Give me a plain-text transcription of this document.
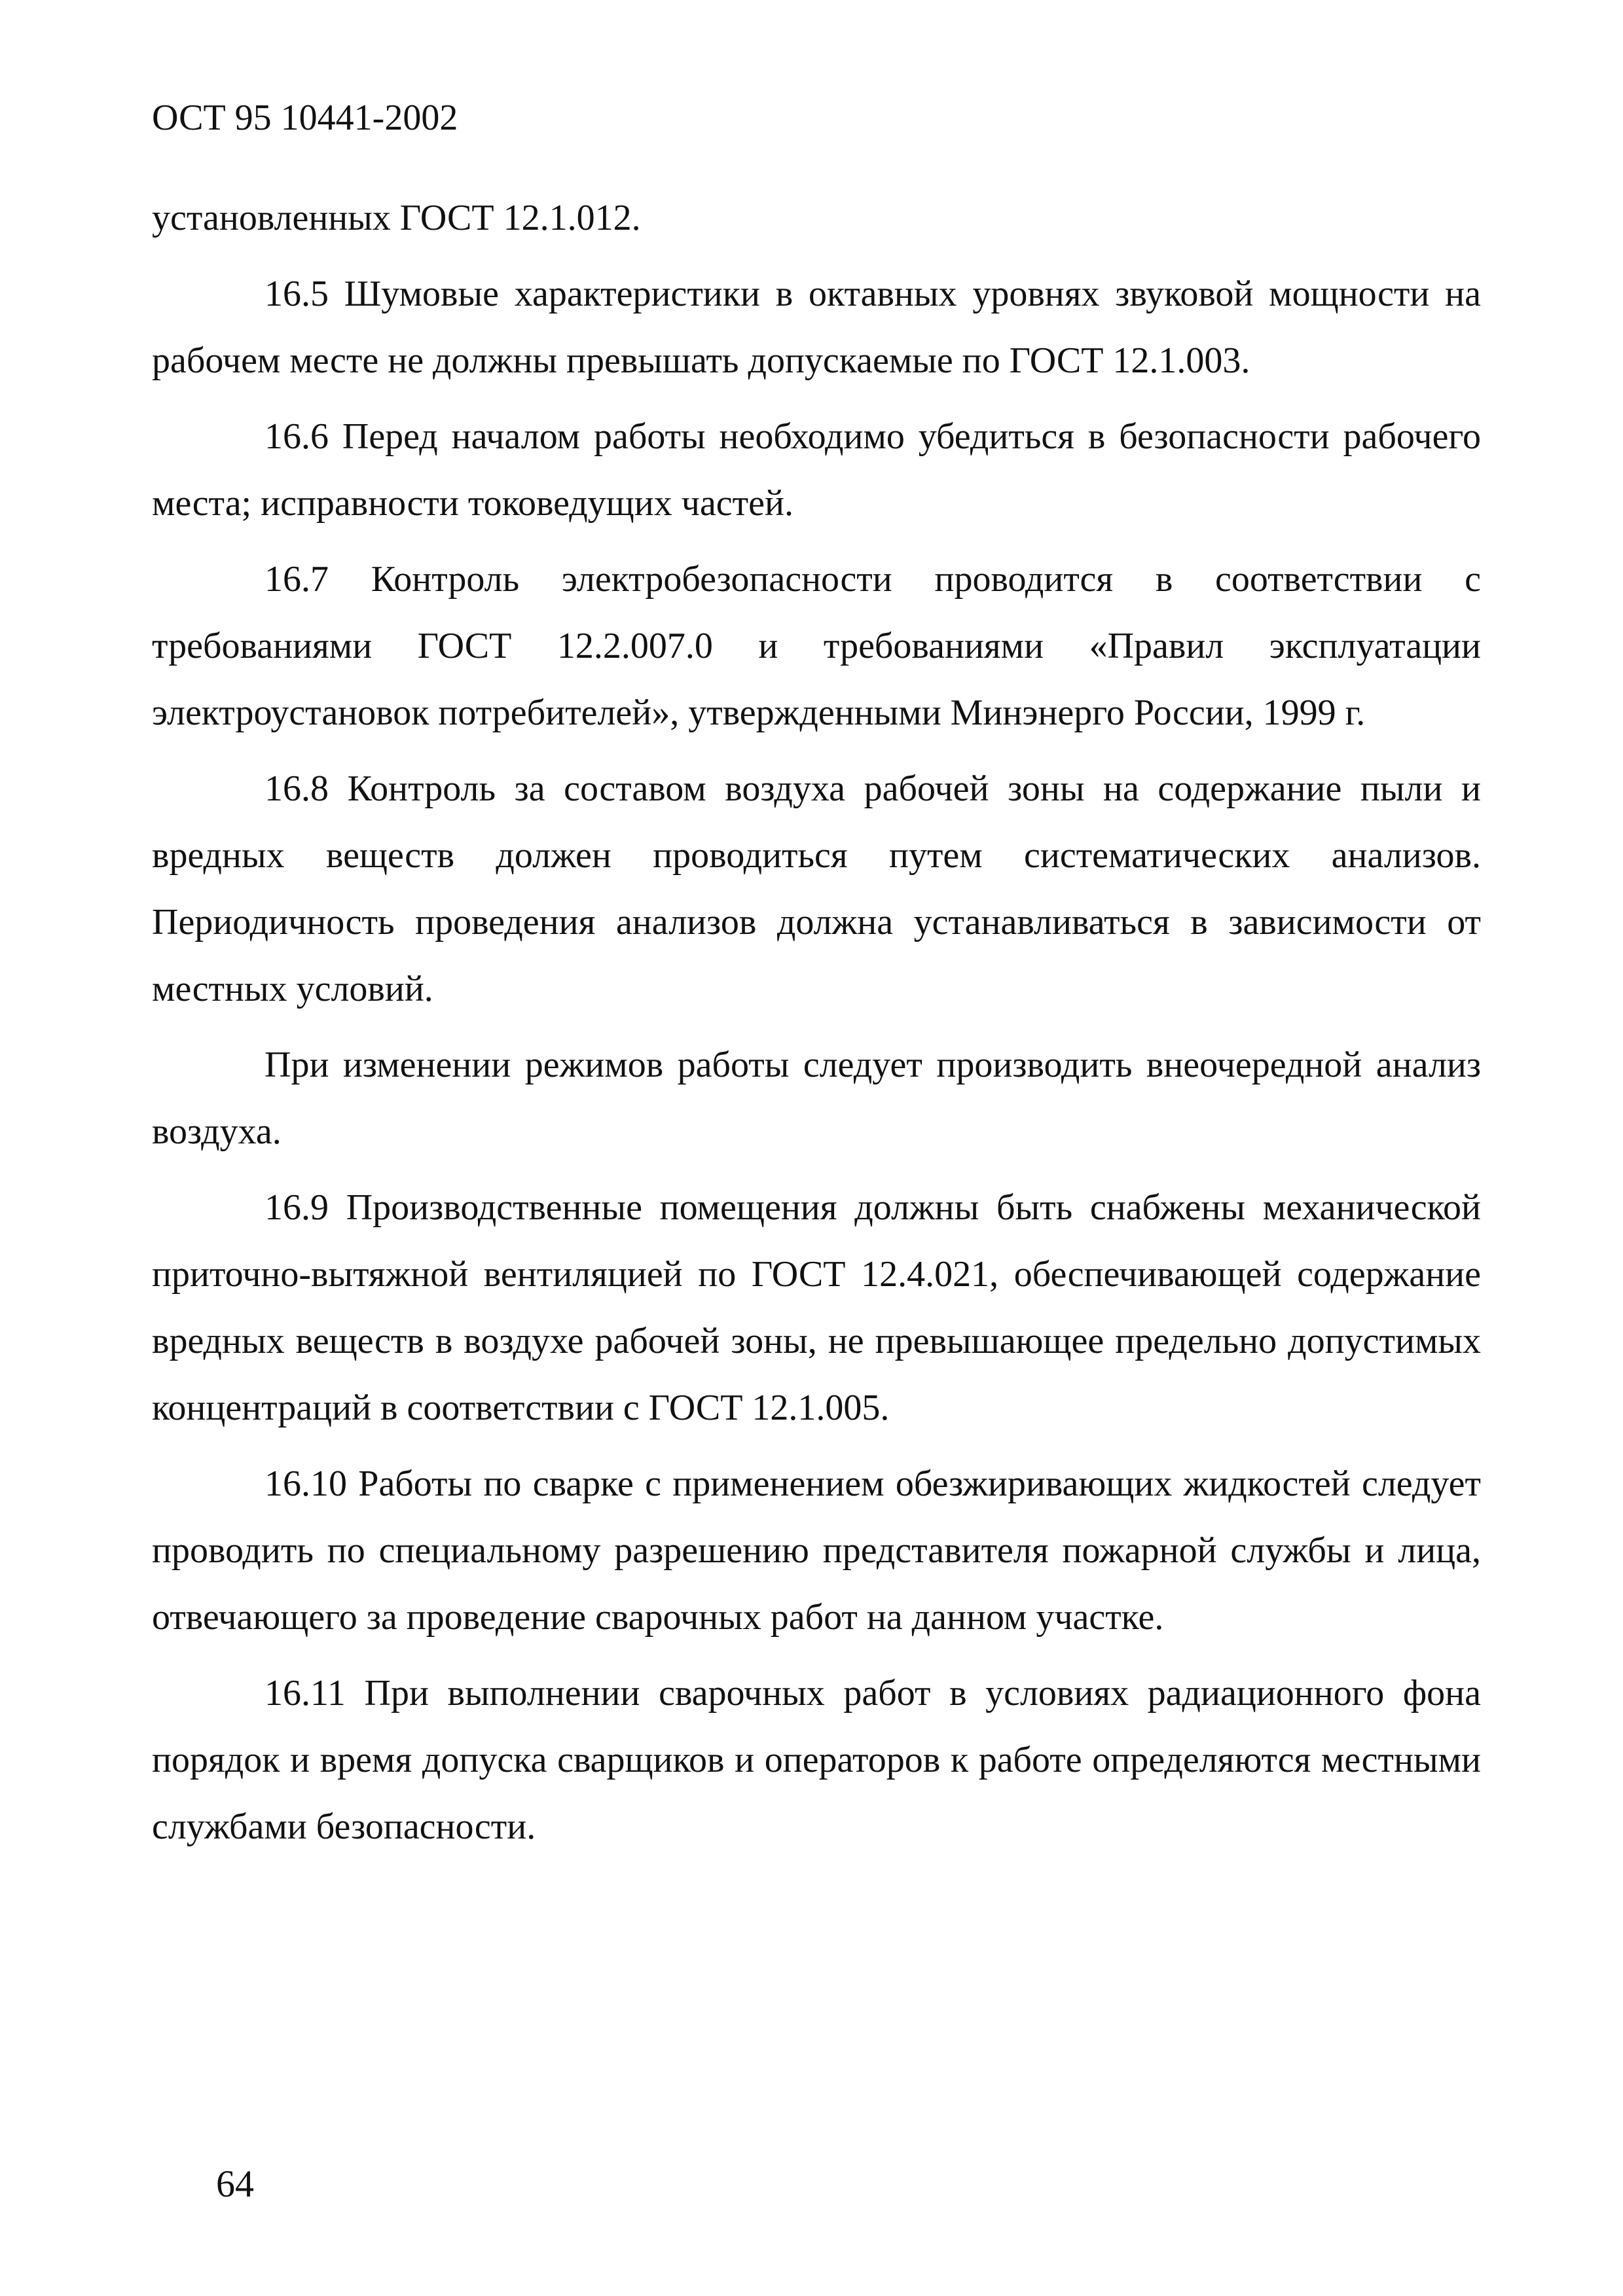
ОСТ 95 10441-2002

установленных ГОСТ 12.1.012.

16.5 Шумовые характеристики в октавных уровнях звуковой мощности на рабочем месте не должны превышать допускаемые по ГОСТ 12.1.003.

16.6 Перед началом работы необходимо убедиться в безопасности рабочего места; исправности токоведущих частей.

16.7 Контроль электробезопасности проводится в соответствии с требованиями ГОСТ 12.2.007.0 и требованиями «Правил эксплуатации электроустановок потребителей», утвержденными Минэнерго России, 1999 г.

16.8 Контроль за составом воздуха рабочей зоны на содержание пыли и вредных веществ должен проводиться путем систематических анализов. Периодичность проведения анализов должна устанавливаться в зависимости от местных условий.

При изменении режимов работы следует производить внеочередной анализ воздуха.

16.9 Производственные помещения должны быть снабжены механической приточно-вытяжной вентиляцией по ГОСТ 12.4.021, обеспечивающей содержание вредных веществ в воздухе рабочей зоны, не превышающее предельно допустимых концентраций в соответствии с ГОСТ 12.1.005.

16.10 Работы по сварке с применением обезжиривающих жидкостей следует проводить по специальному разрешению представителя пожарной службы и лица, отвечающего за проведение сварочных работ на данном участке.

16.11 При выполнении сварочных работ в условиях радиационного фона порядок и время допуска сварщиков и операторов к работе определяются местными службами безопасности.

64
